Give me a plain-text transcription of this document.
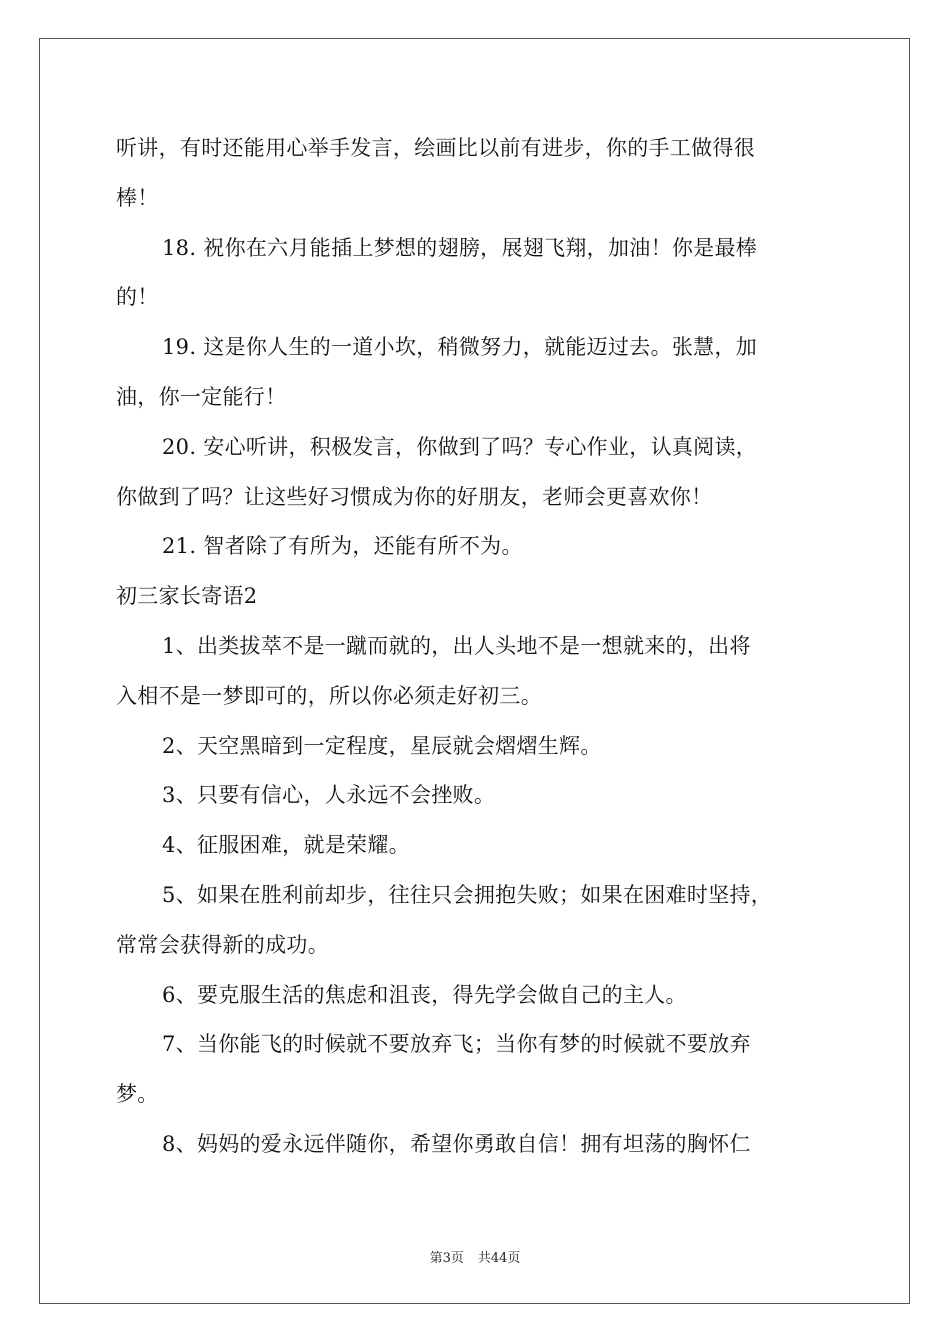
听讲，有时还能用心举手发言，绘画比以前有进步，你的手工做得很
棒！
18. 祝你在六月能插上梦想的翅膀，展翅飞翔，加油！你是最棒
的！
19. 这是你人生的一道小坎，稍微努力，就能迈过去。张慧，加
油，你一定能行！
20. 安心听讲，积极发言，你做到了吗？专心作业，认真阅读，
你做到了吗？让这些好习惯成为你的好朋友，老师会更喜欢你！
21. 智者除了有所为，还能有所不为。
初三家长寄语2
1、出类拔萃不是一蹴而就的，出人头地不是一想就来的，出将
入相不是一梦即可的，所以你必须走好初三。
2、天空黑暗到一定程度，星辰就会熠熠生辉。
3、只要有信心，人永远不会挫败。
4、征服困难，就是荣耀。
5、如果在胜利前却步，往往只会拥抱失败；如果在困难时坚持，
常常会获得新的成功。
6、要克服生活的焦虑和沮丧，得先学会做自己的主人。
7、当你能飞的时候就不要放弃飞；当你有梦的时候就不要放弃
梦。
8、妈妈的爱永远伴随你，希望你勇敢自信！拥有坦荡的胸怀仁
第3页 共44页
